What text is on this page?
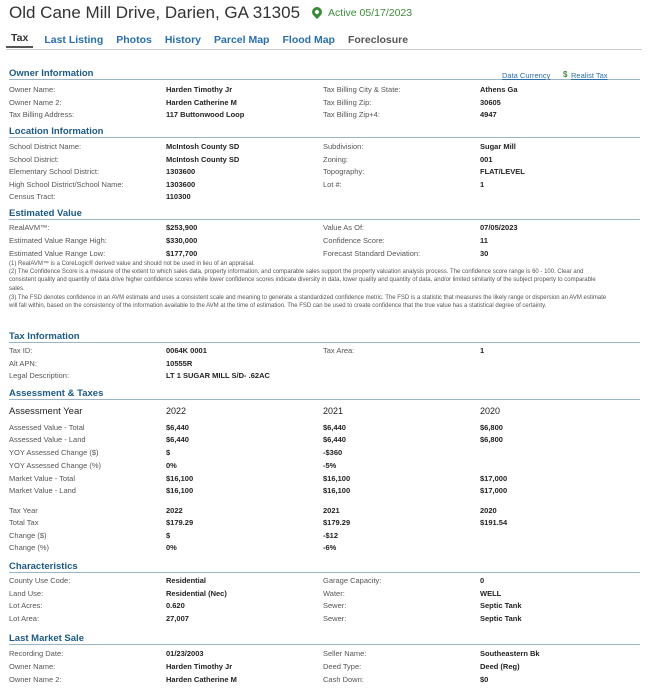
Old Cane Mill Drive, Darien, GA 31305	Active 05/17/2023
Tax	Last Listing Photos History Parcel Map Flood Map Foreclosure
Owner Information	Data Currency $ Realist Tax
Owner Name:	Harden Timothy Jr	Tax Billing City & State:	Athens Ga
Owner Name 2:	Harden Catherine M	Tax Billing Zip:	30605
Tax Billing Address:	117 Buttonwood Loop	Tax Billing Zip+4:	4947
Location Information
School District Name:	McIntosh County SD	Subdivision:	Sugar Mill
School District:	McIntosh County SD	Zoning:	001
Elementary School District:	1303600	Topography:	FLAT/LEVEL
High School District/School Name:	1303600	Lot #:	1
Census Tract:	110300
Estimated Value
RealAVM™:	$253,900	Value As Of:	07/05/2023
Estimated Value Range High:	$330,000	Confidence Score:	11
Estimated Value Range Low:	$177,700	Forecast Standard Deviation:	30
(1) RealAVM™ is a CoreLogic® derived value and should not be used in lieu of an appraisal.
(2) The Confidence Score is a measure of the extent to which sales data, property information, and comparable sales support the property valuation analysis process. The confidence score range is 60 - 100. Clear and consistent quality and quantity of data drive higher confidence scores while lower confidence scores indicate diversity in data, lower quality and quantity of data, and/or limited similarity of the subject property to comparable sales.
(3) The FSD denotes confidence in an AVM estimate and uses a consistent scale and meaning to generate a standardized confidence metric. The FSD is a statistic that measures the likely range or dispersion an AVM estimate will fall within, based on the consistency of the information available to the AVM at the time of estimation. The FSD can be used to create confidence that the true value has a statistical degree of certainty.
Tax Information
Tax ID:	0064K 0001	Tax Area:	1
Alt APN:	10555R
Legal Description:	LT 1 SUGAR MILL S/D- .62AC
Assessment & Taxes
Assessment Year	2022	2021	2020
Assessed Value - Total	$6,440	$6,440	$6,800
Assessed Value - Land	$6,440	$6,440	$6,800
YOY Assessed Change ($)	$	-$360
YOY Assessed Change (%)	0%	-5%
Market Value - Total	$16,100	$16,100	$17,000
Market Value - Land	$16,100	$16,100	$17,000
Tax Year	2022	2021	2020
Total Tax	$179.29	$179.29	$191.54
Change ($)	$	-$12
Change (%)	0%	-6%
Characteristics
County Use Code:	Residential	Garage Capacity:	0
Land Use:	Residential (Nec)	Water:	WELL
Lot Acres:	0.620	Sewer:	Septic Tank
Lot Area:	27,007	Sewer:	Septic Tank
Last Market Sale
Recording Date:	01/23/2003	Seller Name:	Southeastern Bk
Owner Name:	Harden Timothy Jr	Deed Type:	Deed (Reg)
Owner Name 2:	Harden Catherine M	Cash Down:	$0
